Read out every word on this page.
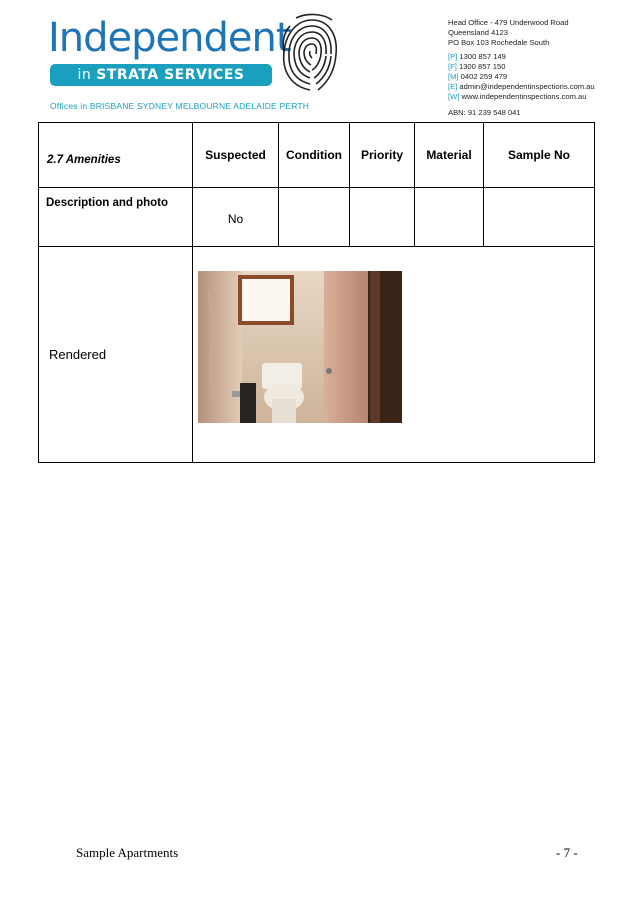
Independent
in STRATA SERVICES
Offices in BRISBANE SYDNEY MELBOURNE ADELAIDE PERTH
Head Office - 479 Underwood Road
Queensland 4123
PO Box 103 Rochedale South
[P] 1300 857 149
[F] 1300 857 150
[M] 0402 259 479
[E] admin@independentinspections.com.au
[W] www.independentinspections.com.au
ABN: 91 239 548 041
2.7 Amenities	Suspected	Condition	Priority	Material	Sample No
Description and photo	No				
Rendered	
Sample Apartments	- 7 -
